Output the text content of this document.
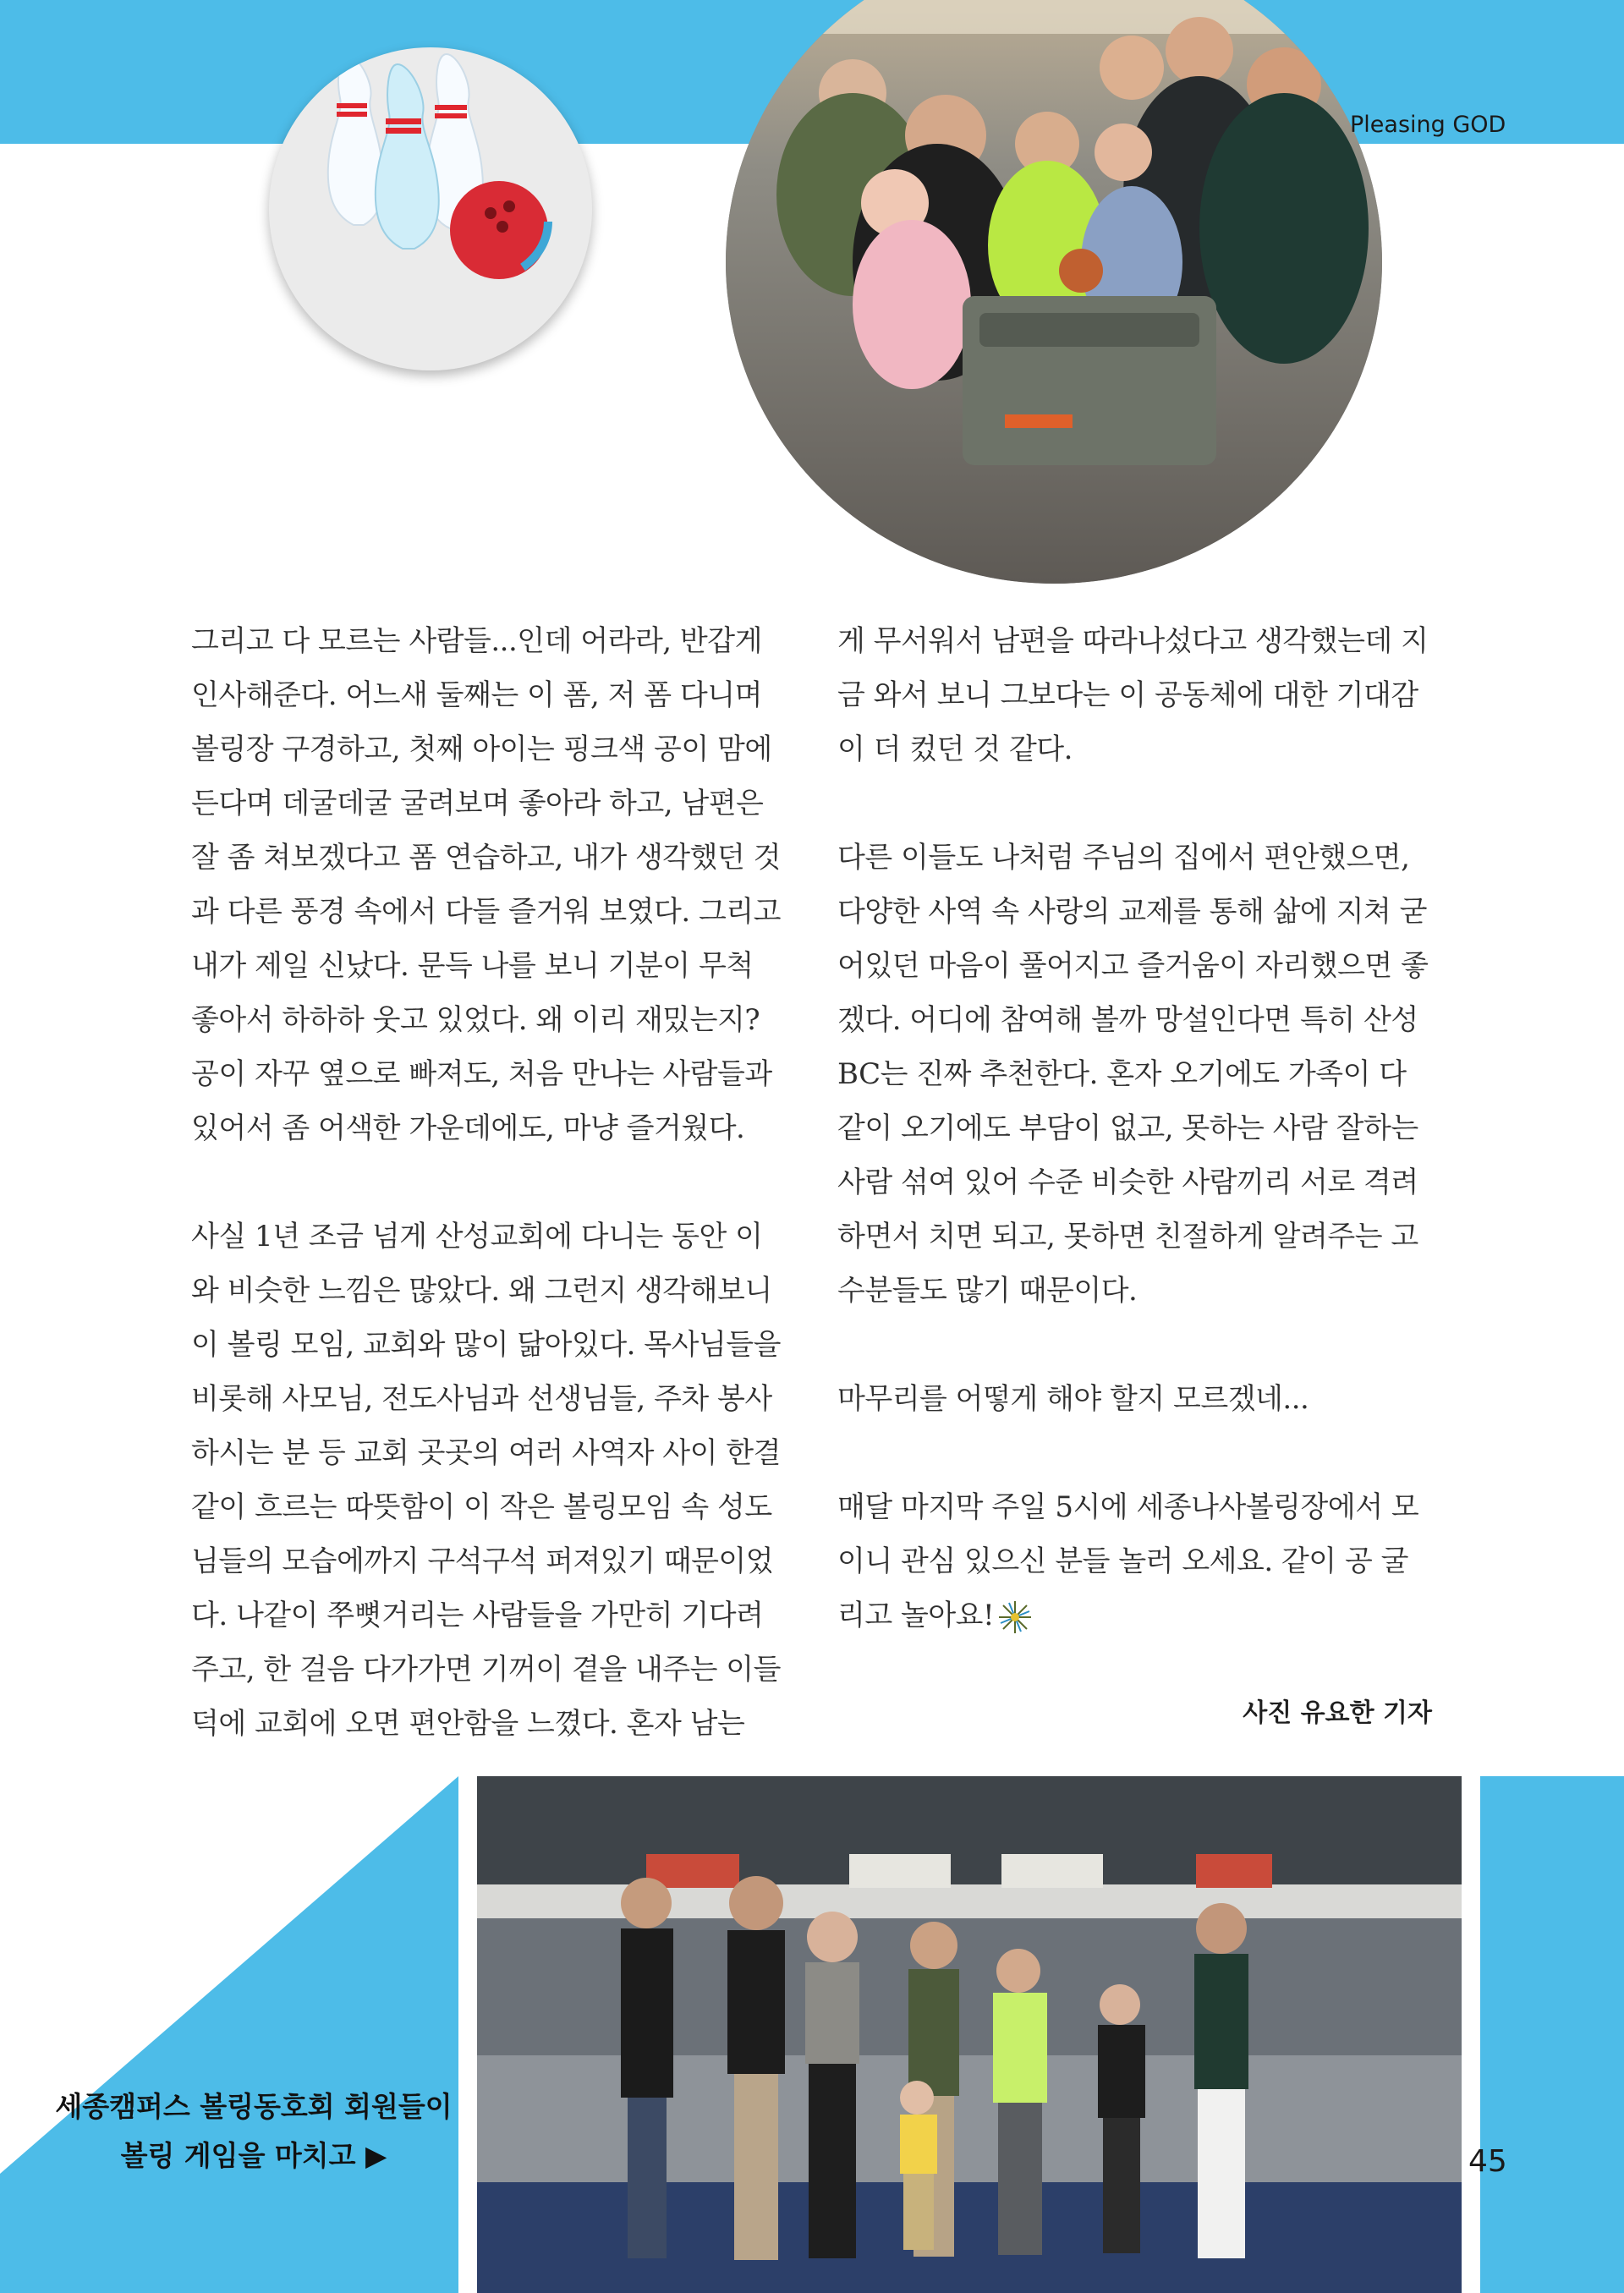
Pleasing GOD

그리고 다 모르는 사람들...인데 어라라, 반갑게 인사해준다. 어느새 둘째는 이 폼, 저 폼 다니며 볼링장 구경하고, 첫째 아이는 핑크색 공이 맘에 든다며 데굴데굴 굴려보며 좋아라 하고, 남편은 잘 좀 쳐보겠다고 폼 연습하고, 내가 생각했던 것과 다른 풍경 속에서 다들 즐거워 보였다. 그리고 내가 제일 신났다. 문득 나를 보니 기분이 무척 좋아서 하하하 웃고 있었다. 왜 이리 재밌는지? 공이 자꾸 옆으로 빠져도, 처음 만나는 사람들과 있어서 좀 어색한 가운데에도, 마냥 즐거웠다.

사실 1년 조금 넘게 산성교회에 다니는 동안 이와 비슷한 느낌은 많았다. 왜 그런지 생각해보니 이 볼링 모임, 교회와 많이 닮아있다. 목사님들을 비롯해 사모님, 전도사님과 선생님들, 주차 봉사 하시는 분 등 교회 곳곳의 여러 사역자 사이 한결같이 흐르는 따뜻함이 이 작은 볼링모임 속 성도님들의 모습에까지 구석구석 퍼져있기 때문이었다. 나같이 쭈뼛거리는 사람들을 가만히 기다려주고, 한 걸음 다가가면 기꺼이 곁을 내주는 이들 덕에 교회에 오면 편안함을 느꼈다. 혼자 남는

게 무서워서 남편을 따라나섰다고 생각했는데 지금 와서 보니 그보다는 이 공동체에 대한 기대감이 더 컸던 것 같다.

다른 이들도 나처럼 주님의 집에서 편안했으면, 다양한 사역 속 사랑의 교제를 통해 삶에 지쳐 굳어있던 마음이 풀어지고 즐거움이 자리했으면 좋겠다. 어디에 참여해 볼까 망설인다면 특히 산성 BC는 진짜 추천한다. 혼자 오기에도 가족이 다 같이 오기에도 부담이 없고, 못하는 사람 잘하는 사람 섞여 있어 수준 비슷한 사람끼리 서로 격려하면서 치면 되고, 못하면 친절하게 알려주는 고수분들도 많기 때문이다.

마무리를 어떻게 해야 할지 모르겠네...

매달 마지막 주일 5시에 세종나사볼링장에서 모이니 관심 있으신 분들 놀러 오세요. 같이 공 굴리고 놀아요!

사진 유요한 기자
세종캠퍼스 볼링동호회 회원들이
볼링 게임을 마치고 ▶	45
